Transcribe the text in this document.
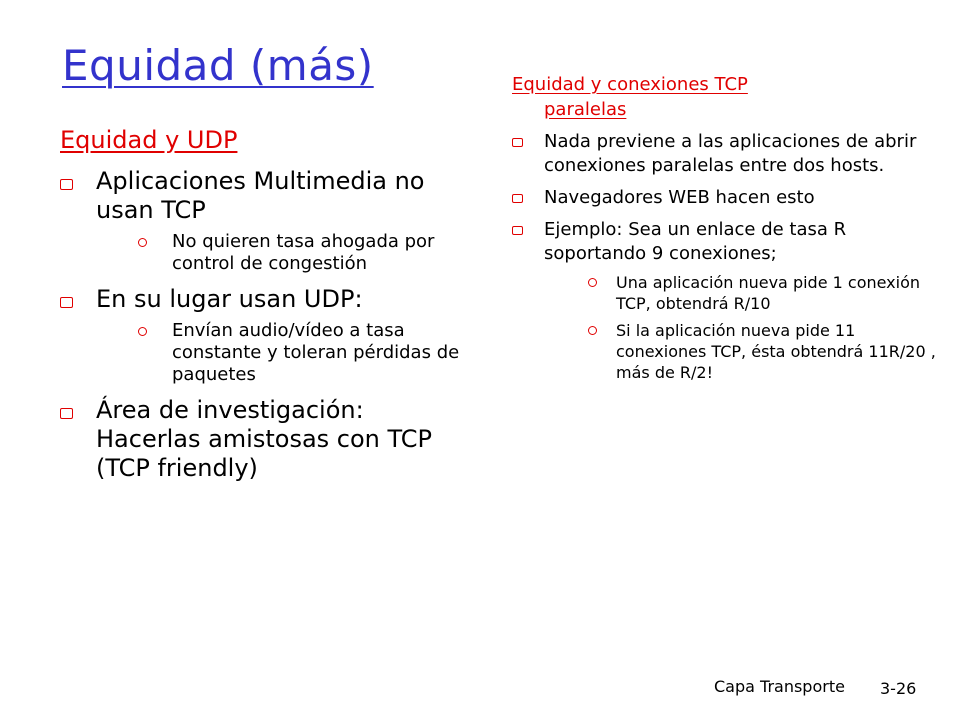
Equidad (más)
Equidad y UDP
Aplicaciones Multimedia no usan TCP
No quieren tasa ahogada por control de congestión
En su lugar usan UDP:
Envían audio/vídeo a tasa constante y toleran pérdidas de paquetes
Área de investigación: Hacerlas amistosas con TCP (TCP friendly)
Equidad y conexiones TCP
paralelas
Nada previene a las aplicaciones de abrir conexiones paralelas entre dos hosts.
Navegadores WEB hacen esto
Ejemplo: Sea un enlace de tasa R soportando 9 conexiones;
Una aplicación nueva pide 1 conexión TCP, obtendrá R/10
Si la aplicación nueva pide 11 conexiones TCP, ésta obtendrá 11R/20 , más de R/2!
Capa Transporte 3-26
